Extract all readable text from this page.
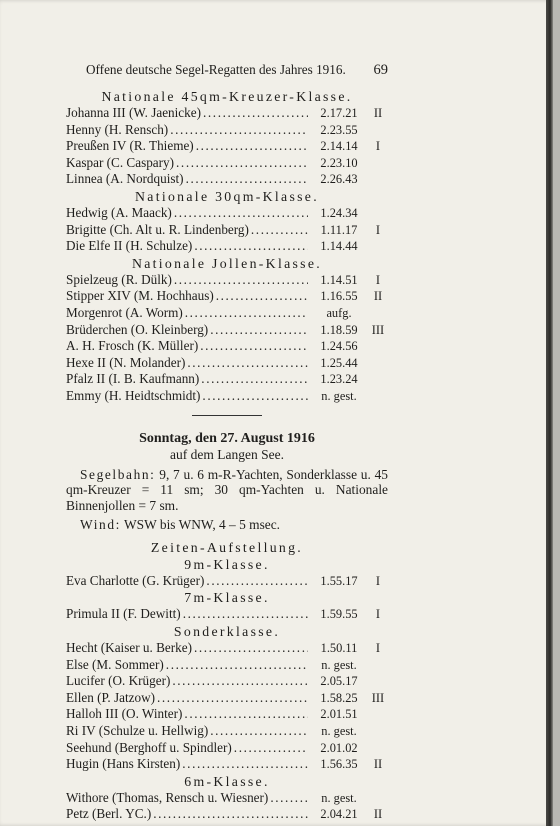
Offene deutsche Segel-Regatten des Jahres 1916. 69
Nationale 45qm-Kreuzer-Klasse.
Johanna III (W. Jaenicke) .....	2.17.21	II
Henny (H. Rensch) .....	2.23.55
Preußen IV (R. Thieme) .....	2.14.14	I
Kaspar (C. Caspary) .....	2.23.10
Linnea (A. Nordquist) .....	2.26.43
Nationale 30qm-Klasse.
Hedwig (A. Maack) .....	1.24.34
Brigitte (Ch. Alt u. R. Lindenberg) .....	1.11.17	I
Die Elfe II (H. Schulze) .....	1.14.44
Nationale Jollen-Klasse.
Spielzeug (R. Dülk) .....	1.14.51	I
Stipper XIV (M. Hochhaus) .....	1.16.55	II
Morgenrot (A. Worm) .....	aufg.
Brüderchen (O. Kleinberg) .....	1.18.59	III
A. H. Frosch (K. Müller) .....	1.24.56
Hexe II (N. Molander) .....	1.25.44
Pfalz II (I. B. Kaufmann) .....	1.23.24
Emmy (H. Heidtschmidt) .....	n. gest.
Sonntag, den 27. August 1916
auf dem Langen See.
Segelbahn: 9, 7 u. 6 m-R-Yachten, Sonderklasse u. 45 qm-Kreuzer = 11 sm; 30 qm-Yachten u. Nationale Binnenjollen = 7 sm.
Wind: WSW bis WNW, 4 – 5 msec.
Zeiten-Aufstellung.
9m-Klasse.
Eva Charlotte (G. Krüger) .....	1.55.17	I
7m-Klasse.
Primula II (F. Dewitt) .....	1.59.55	I
Sonderklasse.
Hecht (Kaiser u. Berke) .....	1.50.11	I
Else (M. Sommer) .....	n. gest.
Lucifer (O. Krüger) .....	2.05.17
Ellen (P. Jatzow) .....	1.58.25	III
Halloh III (O. Winter) .....	2.01.51
Ri IV (Schulze u. Hellwig) .....	n. gest.
Seehund (Berghoff u. Spindler) .....	2.01.02
Hugin (Hans Kirsten) .....	1.56.35	II
6m-Klasse.
Withore (Thomas, Rensch u. Wiesner) .....	n. gest.
Petz (Berl. YC.) .....	2.04.21	II
